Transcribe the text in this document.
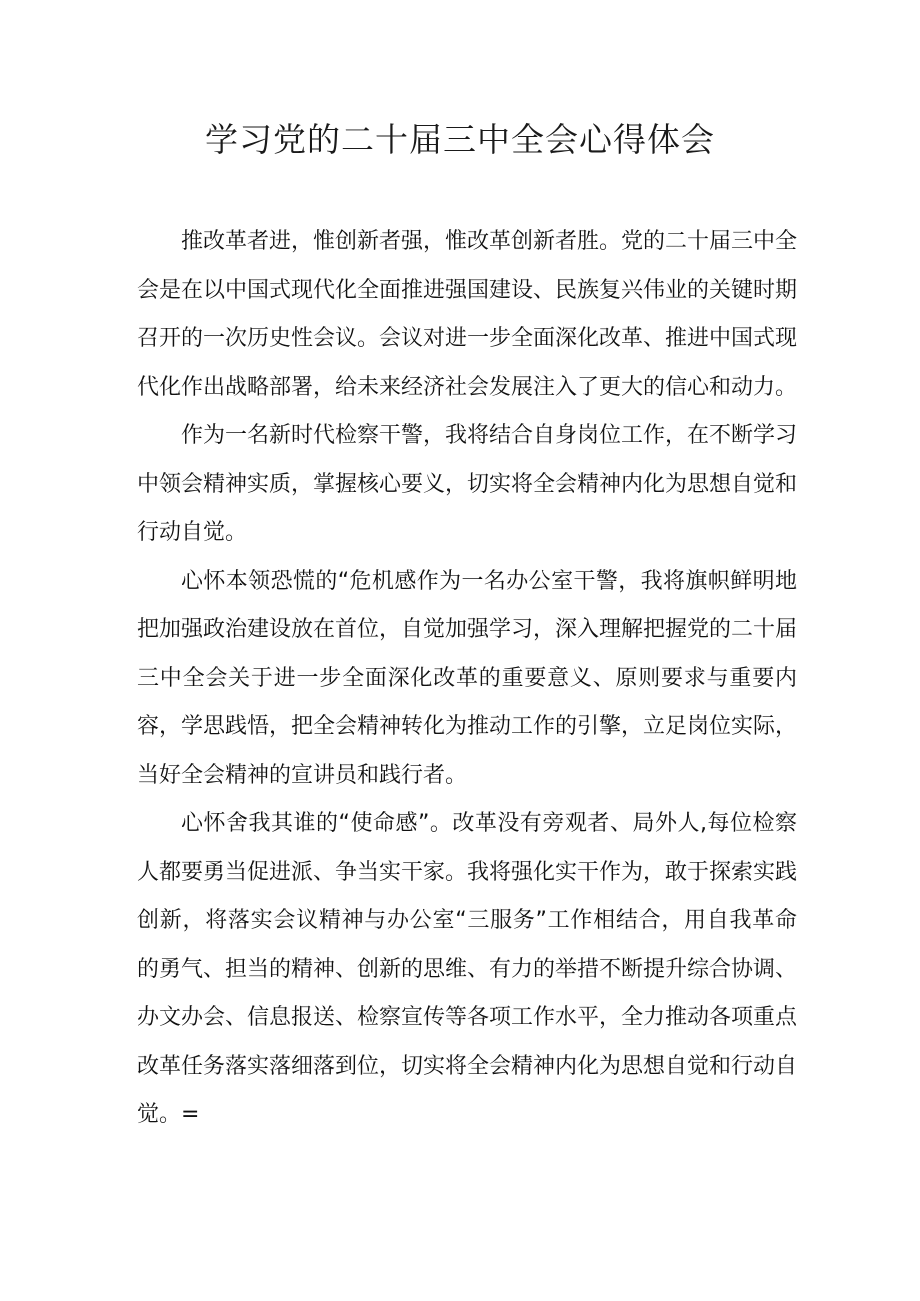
学习党的二十届三中全会心得体会

推改革者进，惟创新者强，惟改革创新者胜。党的二十届三中全会是在以中国式现代化全面推进强国建设、民族复兴伟业的关键时期召开的一次历史性会议。会议对进一步全面深化改革、推进中国式现代化作出战略部署，给未来经济社会发展注入了更大的信心和动力。

作为一名新时代检察干警，我将结合自身岗位工作，在不断学习中领会精神实质，掌握核心要义，切实将全会精神内化为思想自觉和行动自觉。

心怀本领恐慌的“危机感作为一名办公室干警，我将旗帜鲜明地把加强政治建设放在首位，自觉加强学习，深入理解把握党的二十届三中全会关于进一步全面深化改革的重要意义、原则要求与重要内容，学思践悟，把全会精神转化为推动工作的引擎，立足岗位实际，当好全会精神的宣讲员和践行者。

心怀舍我其谁的“使命感”。改革没有旁观者、局外人,每位检察人都要勇当促进派、争当实干家。我将强化实干作为，敢于探索实践创新，将落实会议精神与办公室“三服务”工作相结合，用自我革命的勇气、担当的精神、创新的思维、有力的举措不断提升综合协调、办文办会、信息报送、检察宣传等各项工作水平，全力推动各项重点改革任务落实落细落到位，切实将全会精神内化为思想自觉和行动自觉。=
